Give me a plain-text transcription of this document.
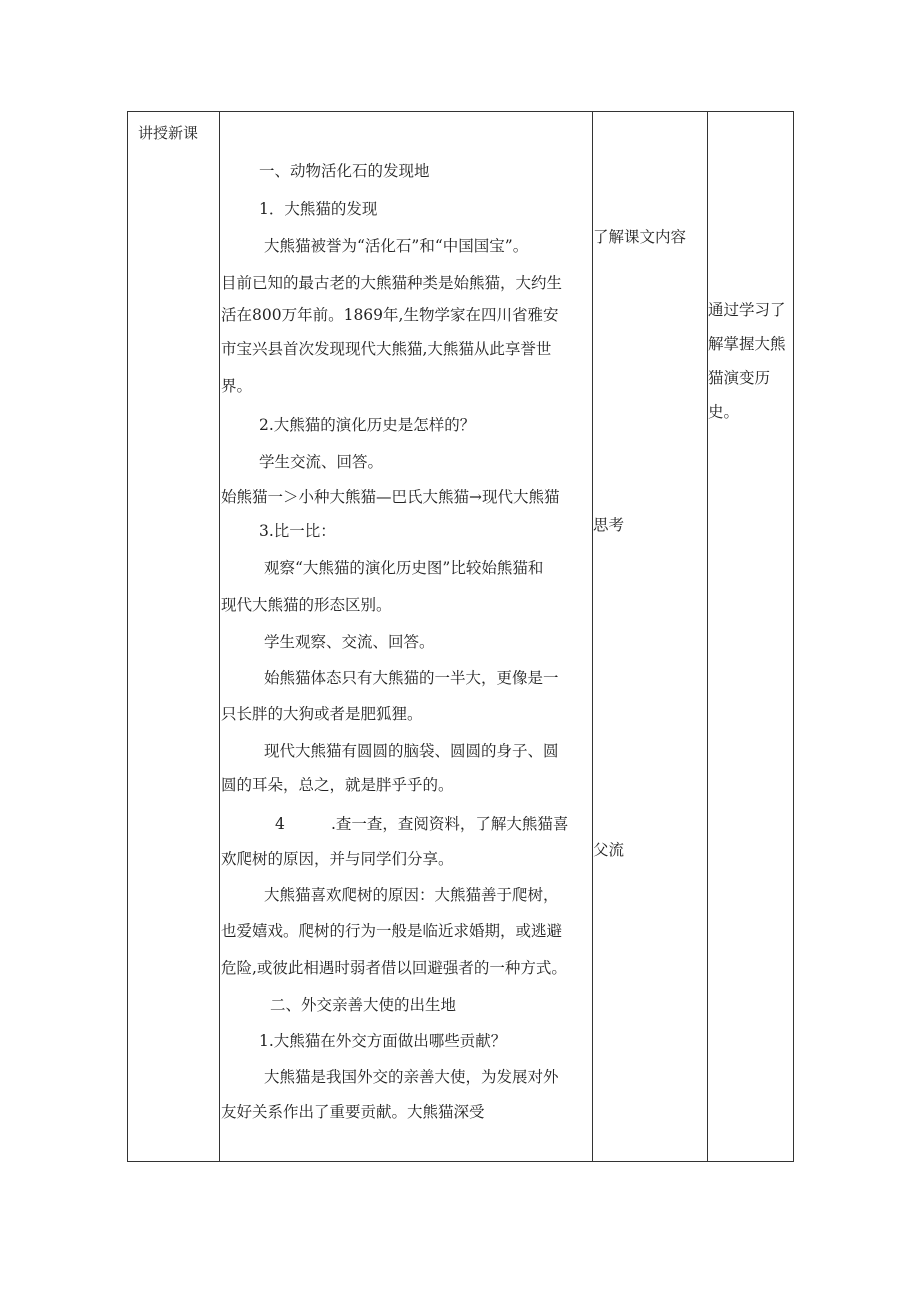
讲授新课
一、动物活化石的发现地
1．大熊猫的发现
大熊猫被誉为“活化石”和“中国国宝”。
目前已知的最古老的大熊猫种类是始熊猫，大约生
活在800万年前。1869年,生物学家在四川省雅安
市宝兴县首次发现现代大熊猫,大熊猫从此享誉世
界。
2.大熊猫的演化历史是怎样的？
学生交流、回答。
始熊猫一＞小种大熊猫—巴氏大熊猫→现代大熊猫
3.比一比：
观察“大熊猫的演化历史图”比较始熊猫和
现代大熊猫的形态区别。
学生观察、交流、回答。
始熊猫体态只有大熊猫的一半大，更像是一
只长胖的大狗或者是肥狐狸。
现代大熊猫有圆圆的脑袋、圆圆的身子、圆
圆的耳朵，总之，就是胖乎乎的。
4	.查一查，查阅资料，了解大熊猫喜
欢爬树的原因，并与同学们分享。
大熊猫喜欢爬树的原因：大熊猫善于爬树，
也爱嬉戏。爬树的行为一般是临近求婚期，或逃避
危险,或彼此相遇时弱者借以回避强者的一种方式。
二、外交亲善大使的出生地
1.大熊猫在外交方面做出哪些贡献？
大熊猫是我国外交的亲善大使，为发展对外
友好关系作出了重要贡献。大熊猫深受
了解课文内容
思考
父流
通过学习了
解掌握大熊
猫演变历
史。
